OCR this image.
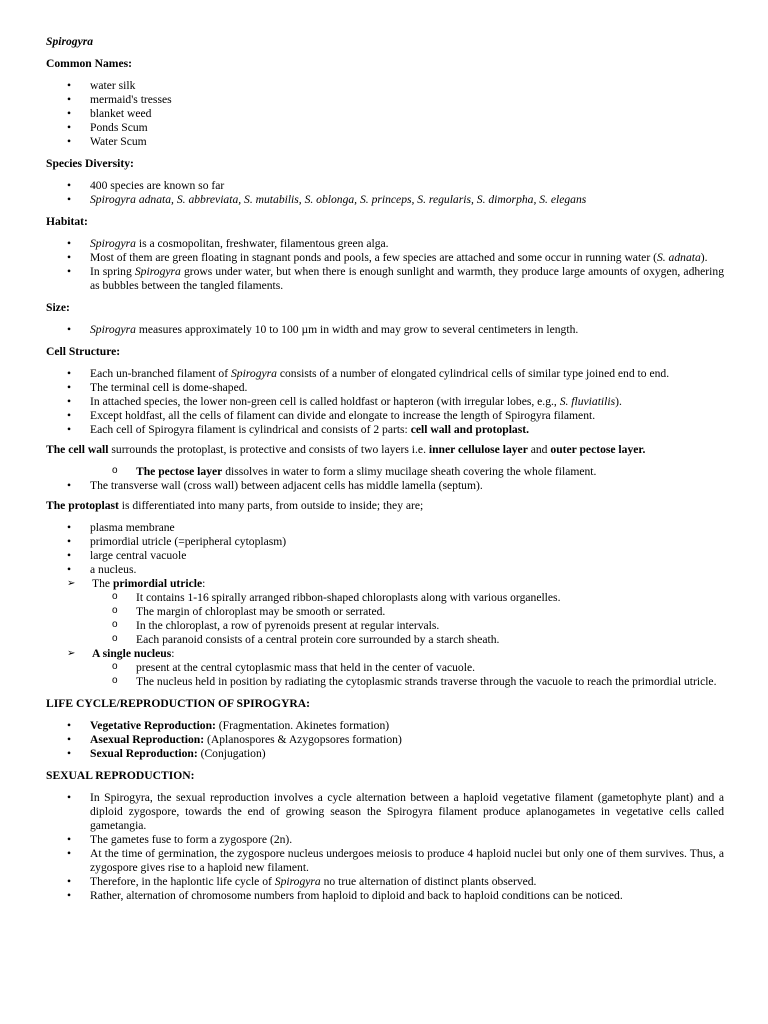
Spirogyra
Common Names:
• water silk
• mermaid's tresses
• blanket weed
• Ponds Scum
• Water Scum
Species Diversity:
• 400 species are known so far
• Spirogyra adnata, S. abbreviata, S. mutabilis, S. oblonga, S. princeps, S. regularis, S. dimorpha, S. elegans
Habitat:
• Spirogyra is a cosmopolitan, freshwater, filamentous green alga.
• Most of them are green floating in stagnant ponds and pools, a few species are attached and some occur in running water (S. adnata).
• In spring Spirogyra grows under water, but when there is enough sunlight and warmth, they produce large amounts of oxygen, adhering as bubbles between the tangled filaments.
Size:
• Spirogyra measures approximately 10 to 100 µm in width and may grow to several centimeters in length.
Cell Structure:
• Each un-branched filament of Spirogyra consists of a number of elongated cylindrical cells of similar type joined end to end.
• The terminal cell is dome-shaped.
• In attached species, the lower non-green cell is called holdfast or hapteron (with irregular lobes, e.g., S. fluviatilis).
• Except holdfast, all the cells of filament can divide and elongate to increase the length of Spirogyra filament.
• Each cell of Spirogyra filament is cylindrical and consists of 2 parts: cell wall and protoplast.

The cell wall surrounds the protoplast, is protective and consists of two layers i.e. inner cellulose layer and outer pectose layer.

o The pectose layer dissolves in water to form a slimy mucilage sheath covering the whole filament.
• The transverse wall (cross wall) between adjacent cells has middle lamella (septum).

The protoplast is differentiated into many parts, from outside to inside; they are;

• plasma membrane
• primordial utricle (=peripheral cytoplasm)
• large central vacuole
• a nucleus.
➢ The primordial utricle:
o It contains 1-16 spirally arranged ribbon-shaped chloroplasts along with various organelles.
o The margin of chloroplast may be smooth or serrated.
o In the chloroplast, a row of pyrenoids present at regular intervals.
o Each paranoid consists of a central protein core surrounded by a starch sheath.
➢ A single nucleus:
o present at the central cytoplasmic mass that held in the center of vacuole.
o The nucleus held in position by radiating the cytoplasmic strands traverse through the vacuole to reach the primordial utricle.
LIFE CYCLE/REPRODUCTION OF SPIROGYRA:
• Vegetative Reproduction: (Fragmentation. Akinetes formation)
• Asexual Reproduction: (Aplanospores & Azygopsores formation)
• Sexual Reproduction: (Conjugation)
SEXUAL REPRODUCTION:
• In Spirogyra, the sexual reproduction involves a cycle alternation between a haploid vegetative filament (gametophyte plant) and a diploid zygospore, towards the end of growing season the Spirogyra filament produce aplanogametes in vegetative cells called gametangia.
• The gametes fuse to form a zygospore (2n).
• At the time of germination, the zygospore nucleus undergoes meiosis to produce 4 haploid nuclei but only one of them survives. Thus, a zygospore gives rise to a haploid new filament.
• Therefore, in the haplontic life cycle of Spirogyra no true alternation of distinct plants observed.
• Rather, alternation of chromosome numbers from haploid to diploid and back to haploid conditions can be noticed.
